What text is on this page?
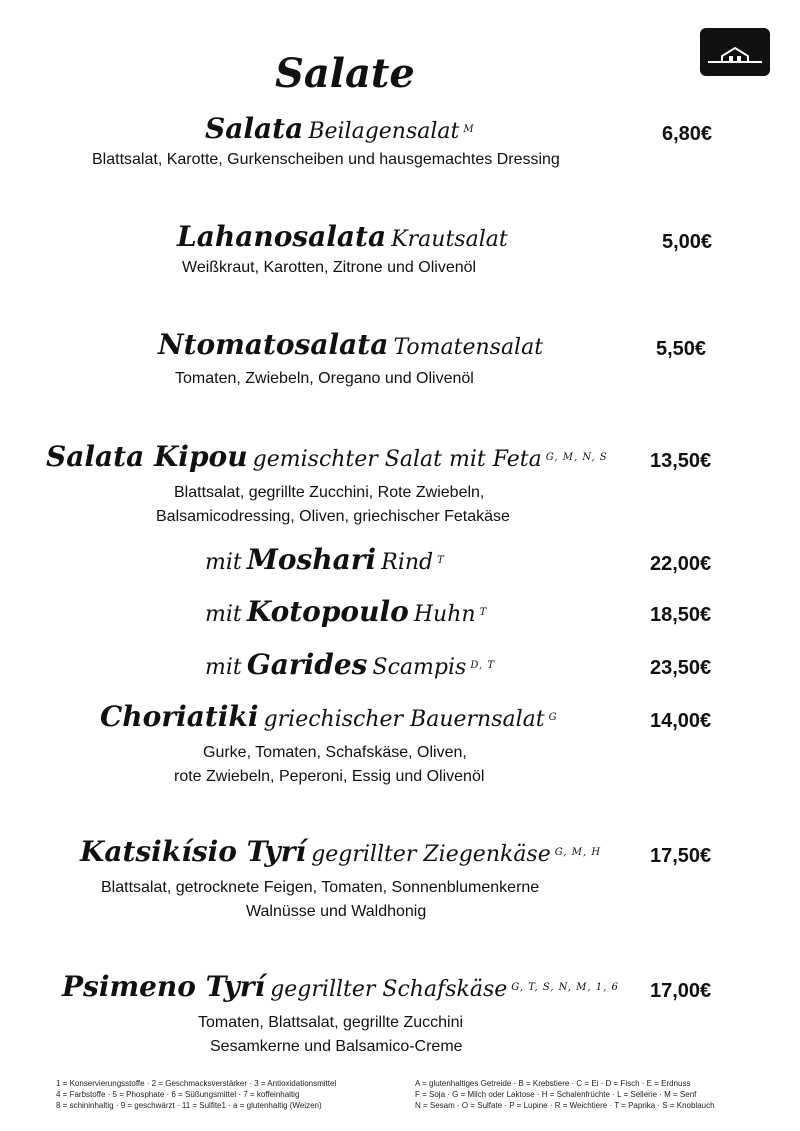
Salate
Salata Beilagensalat $^M$	6,80€
Blattsalat, Karotte, Gurkenscheiben und hausgemachtes Dressing
Lahanosalata Krautsalat	5,00€
Weißkraut, Karotten, Zitrone und Olivenöl
Ntomatosalata Tomatensalat	5,50€
Tomaten, Zwiebeln, Oregano und Olivenöl
Salata Kipou gemischter Salat mit Feta $^{G, M, N, S}$ 13,50€
Blattsalat, gegrillte Zucchini, Rote Zwiebeln,
Balsamicodressing, Oliven, griechischer Fetakäse
mit Moshari Rind $^T$	22,00€
mit Kotopoulo Huhn $^T$	18,50€
mit Garides Scampis $^{D, T}$	23,50€
Choriatiki griechischer Bauernsalat $^G$	14,00€
Gurke, Tomaten, Schafskäse, Oliven,
rote Zwiebeln, Peperoni, Essig und Olivenöl
Katsikísio Tyrí gegrillter Ziegenkäse $^{G, M, H}$ 17,50€
Blattsalat, getrocknete Feigen, Tomaten, Sonnenblumenkerne
Walnüsse und Waldhonig
Psimeno Tyrí gegrillter Schafskäse $^{G, T, S, N, M, 1, 6}$ 17,00€
Tomaten, Blattsalat, gegrillte Zucchini
Sesamkerne und Balsamico-Creme
1 = Konservierungsstoffe · 2 = Geschmacksverstärker · 3 = Antioxidationsmittel
4 = Farbstoffe · 5 = Phosphate · 6 = Süßungsmittel · 7 = koffeinhaltig
8 = schininhaltig · 9 = geschwärzt · 11 = Sulfite1 · a = glutenhaltig (Weizen)
A = glutenhaltiges Getreide · B = Krebstiere · C = Ei · D = Fisch · E = Erdnuss
F = Soja · G = Milch oder Laktose · H = Schalenfrüchte · L = Sellerie · M = Senf
N = Sesam · O = Sulfate · P = Lupine · R = Weichtiere · T = Paprika · S = Knoblauch
